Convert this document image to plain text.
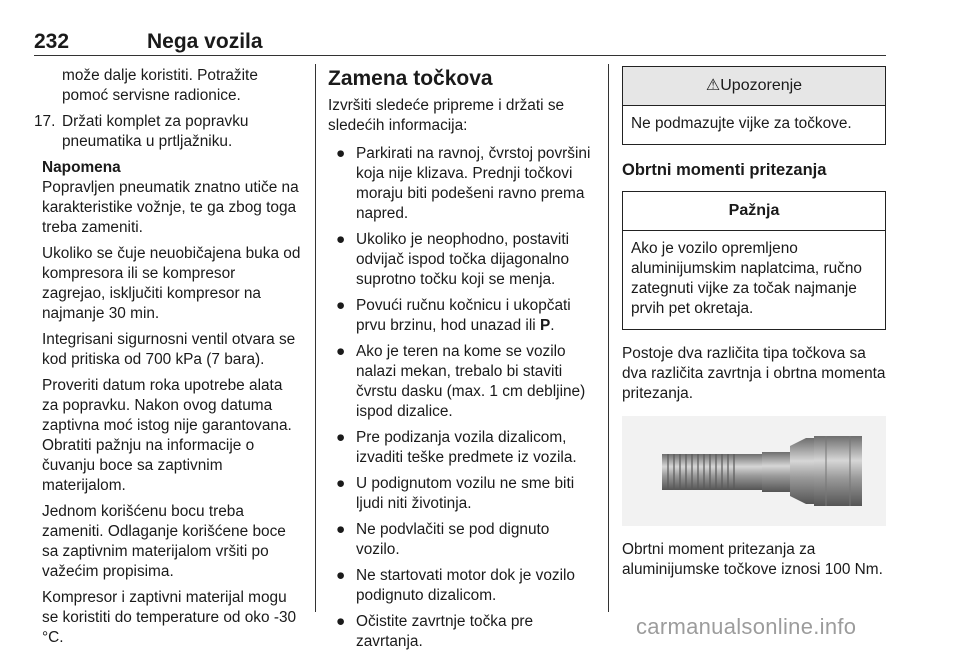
232	Nega vozila

može dalje koristiti. Potražite pomoć servisne radionice.

17. Držati komplet za popravku pneumatika u prtljažniku.

Napomena

Popravljen pneumatik znatno utiče na karakteristike vožnje, te ga zbog toga treba zameniti.

Ukoliko se čuje neuobičajena buka od kompresora ili se kompresor zagrejao, isključiti kompresor na najmanje 30 min.

Integrisani sigurnosni ventil otvara se kod pritiska od 700 kPa (7 bara).

Proveriti datum roka upotrebe alata za popravku. Nakon ovog datuma zaptivna moć istog nije garantovana. Obratiti pažnju na informacije o čuvanju boce sa zaptivnim materijalom.

Jednom korišćenu bocu treba zameniti. Odlaganje korišćene boce sa zaptivnim materijalom vršiti po važećim propisima.

Kompresor i zaptivni materijal mogu se koristiti do temperature od oko -30 °C.

Zamena točkova

Izvršiti sledeće pripreme i držati se sledećih informacija:

● Parkirati na ravnoj, čvrstoj površini koja nije klizava. Prednji točkovi moraju biti podešeni ravno prema napred.
● Ukoliko je neophodno, postaviti odvijač ispod točka dijagonalno suprotno točku koji se menja.
● Povući ručnu kočnicu i ukopčati prvu brzinu, hod unazad ili P.
● Ako je teren na kome se vozilo nalazi mekan, trebalo bi staviti čvrstu dasku (max. 1 cm debljine) ispod dizalice.
● Pre podizanja vozila dizalicom, izvaditi teške predmete iz vozila.
● U podignutom vozilu ne sme biti ljudi niti životinja.
● Ne podvlačiti se pod dignuto vozilo.
● Ne startovati motor dok je vozilo podignuto dizalicom.
● Očistite zavrtnje točka pre zavrtanja.
⚠Upozorenje
Ne podmazujte vijke za točkove.

Obrtni momenti pritezanja

Pažnja
Ako je vozilo opremljeno aluminijumskim naplatcima, ručno zategnuti vijke za točak najmanje prvih pet okretaja.

Postoje dva različita tipa točkova sa dva različita zavrtnja i obrtna momenta pritezanja.

Obrtni moment pritezanja za aluminijumske točkove iznosi 100 Nm.

carmanualsonline.info
